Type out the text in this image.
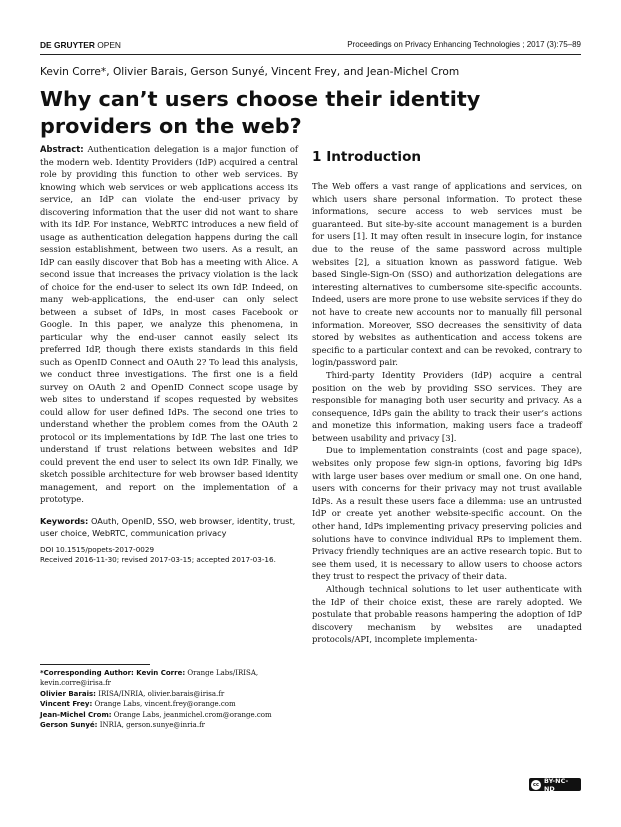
DE GRUYTER OPEN	Proceedings on Privacy Enhancing Technologies ; 2017 (3):75–89
Kevin Corre*, Olivier Barais, Gerson Sunyé, Vincent Frey, and Jean-Michel Crom
Why can’t users choose their identity providers on the web?

Abstract: Authentication delegation is a major function of the modern web. Identity Providers (IdP) acquired a central role by providing this function to other web services. By knowing which web services or web applications access its service, an IdP can violate the end-user privacy by discovering information that the user did not want to share with its IdP. For instance, WebRTC introduces a new field of usage as authentication delegation happens during the call session establishment, between two users. As a result, an IdP can easily discover that Bob has a meeting with Alice. A second issue that increases the privacy violation is the lack of choice for the end-user to select its own IdP. Indeed, on many web-applications, the end-user can only select between a subset of IdPs, in most cases Facebook or Google. In this paper, we analyze this phenomena, in particular why the end-user cannot easily select its preferred IdP, though there exists standards in this field such as OpenID Connect and OAuth 2? To lead this analysis, we conduct three investigations. The first one is a field survey on OAuth 2 and OpenID Connect scope usage by web sites to understand if scopes requested by websites could allow for user defined IdPs. The second one tries to understand whether the problem comes from the OAuth 2 protocol or its implementations by IdP. The last one tries to understand if trust relations between websites and IdP could prevent the end user to select its own IdP. Finally, we sketch possible architecture for web browser based identity management, and report on the implementation of a prototype.

Keywords: OAuth, OpenID, SSO, web browser, identity, trust, user choice, WebRTC, communication privacy

DOI 10.1515/popets-2017-0029

Received 2016-11-30; revised 2017-03-15; accepted 2017-03-16.

*Corresponding Author: Kevin Corre: Orange Labs/IRISA, kevin.corre@irisa.fr

Olivier Barais: IRISA/INRIA, olivier.barais@irisa.fr

Vincent Frey: Orange Labs, vincent.frey@orange.com

Jean-Michel Crom: Orange Labs, jeanmichel.crom@orange.com

Gerson Sunyé: INRIA, gerson.sunye@inria.fr

1 Introduction

The Web offers a vast range of applications and services, on which users share personal information. To protect these informations, secure access to web services must be guaranteed. But site-by-site account management is a burden for users [1]. It may often result in insecure login, for instance due to the reuse of the same password across multiple websites [2], a situation known as password fatigue. Web based Single-Sign-On (SSO) and authorization delegations are interesting alternatives to cumbersome site-specific accounts. Indeed, users are more prone to use website services if they do not have to create new accounts nor to manually fill personal information. Moreover, SSO decreases the sensitivity of data stored by websites as authentication and access tokens are specific to a particular context and can be revoked, contrary to login/password pair.

Third-party Identity Providers (IdP) acquire a central position on the web by providing SSO services. They are responsible for managing both user security and privacy. As a consequence, IdPs gain the ability to track their user’s actions and monetize this information, making users face a tradeoff between usability and privacy [3].

Due to implementation constraints (cost and page space), websites only propose few sign-in options, favoring big IdPs with large user bases over medium or small one. On one hand, users with concerns for their privacy may not trust available IdPs. As a result these users face a dilemma: use an untrusted IdP or create yet another website-specific account. On the other hand, IdPs implementing privacy preserving policies and solutions have to convince individual RPs to implement them. Privacy friendly techniques are an active research topic. But to see them used, it is necessary to allow users to choose actors they trust to respect the privacy of their data.

Although technical solutions to let user authenticate with the IdP of their choice exist, these are rarely adopted. We postulate that probable reasons hampering the adoption of IdP discovery mechanism by websites are unadapted protocols/API, incomplete implementa-

cc BY-NC-ND
